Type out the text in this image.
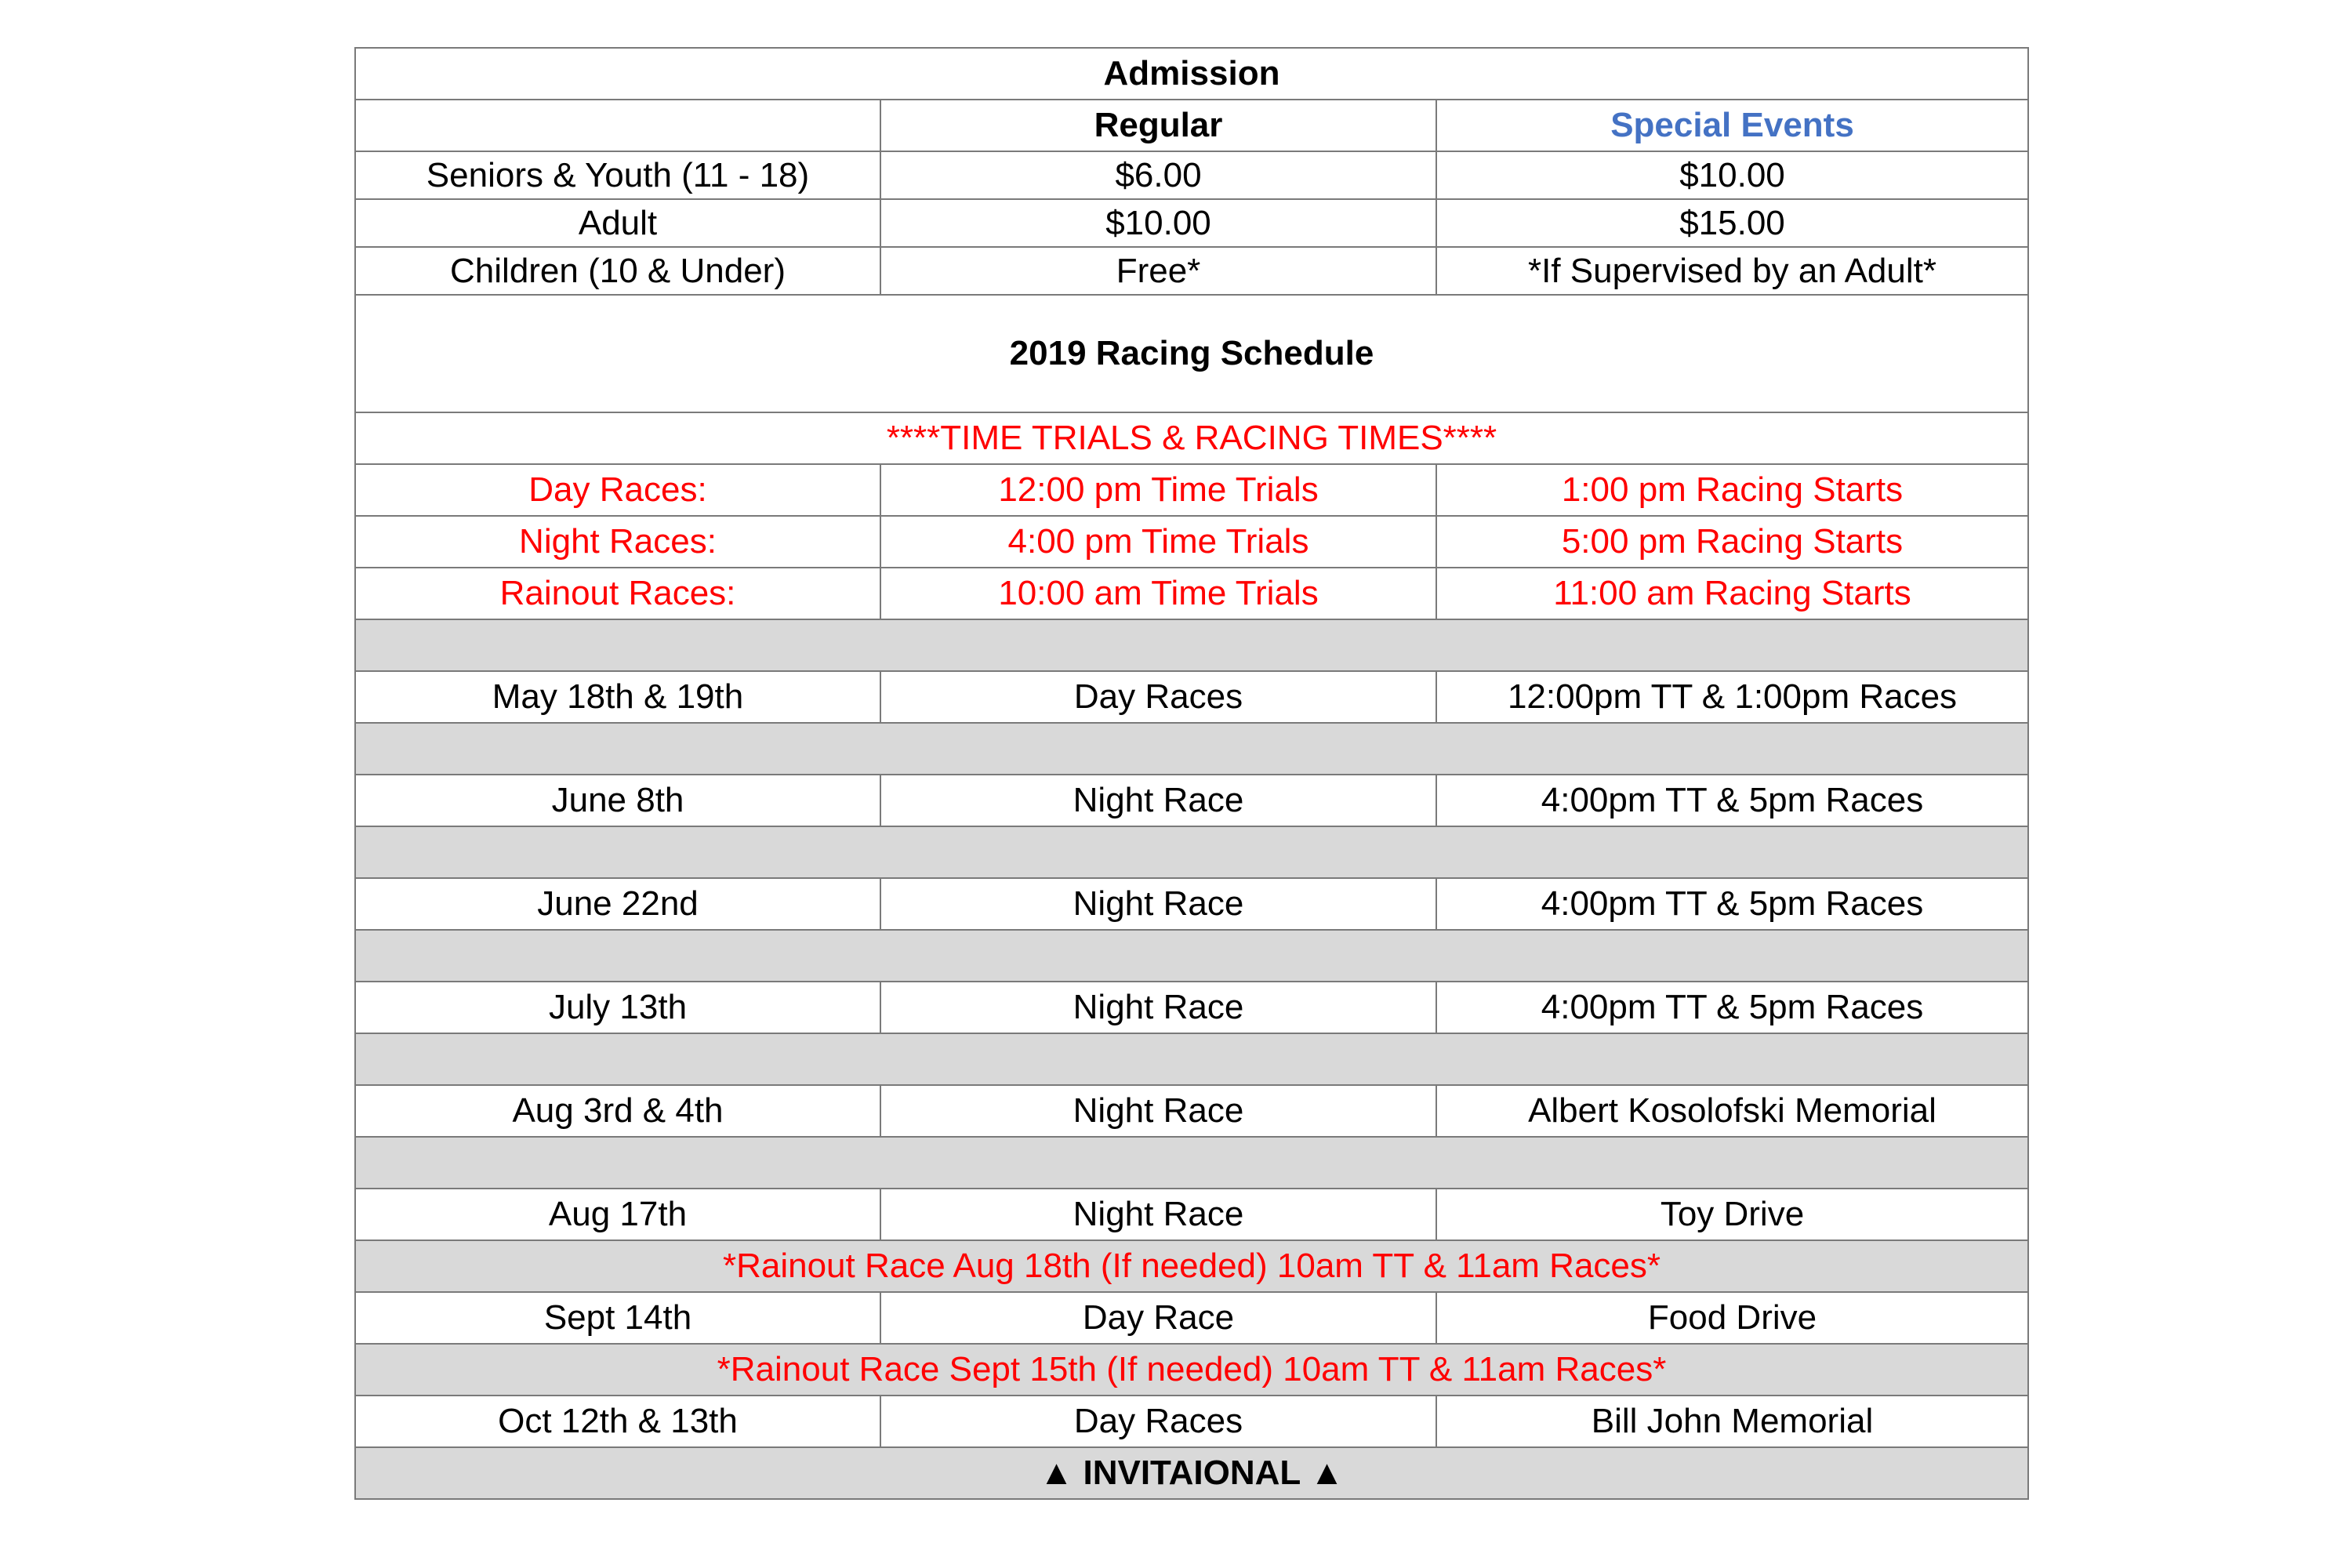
Admission		
	Regular	Special Events
Seniors & Youth (11 - 18)	$6.00	$10.00
Adult	$10.00	$15.00
Children (10 & Under)	Free*	*If Supervised by an Adult*
2019 Racing Schedule		
****TIME TRIALS & RACING TIMES****		
Day Races:	12:00 pm Time Trials	1:00 pm Racing Starts
Night Races:	4:00 pm Time Trials	5:00 pm Racing Starts
Rainout Races:	10:00 am Time Trials	11:00 am Racing Starts

May 18th & 19th	Day Races	12:00pm TT & 1:00pm Races

June 8th	Night Race	4:00pm TT & 5pm Races

June 22nd	Night Race	4:00pm TT & 5pm Races

July 13th	Night Race	4:00pm TT & 5pm Races

Aug 3rd & 4th	Night Race	Albert Kosolofski Memorial

Aug 17th	Night Race	Toy Drive
*Rainout Race Aug 18th (If needed) 10am TT & 11am Races*		
Sept 14th	Day Race	Food Drive
*Rainout Race Sept 15th (If needed) 10am TT & 11am Races*		
Oct 12th & 13th	Day Races	Bill John Memorial
▲ INVITAIONAL ▲		
